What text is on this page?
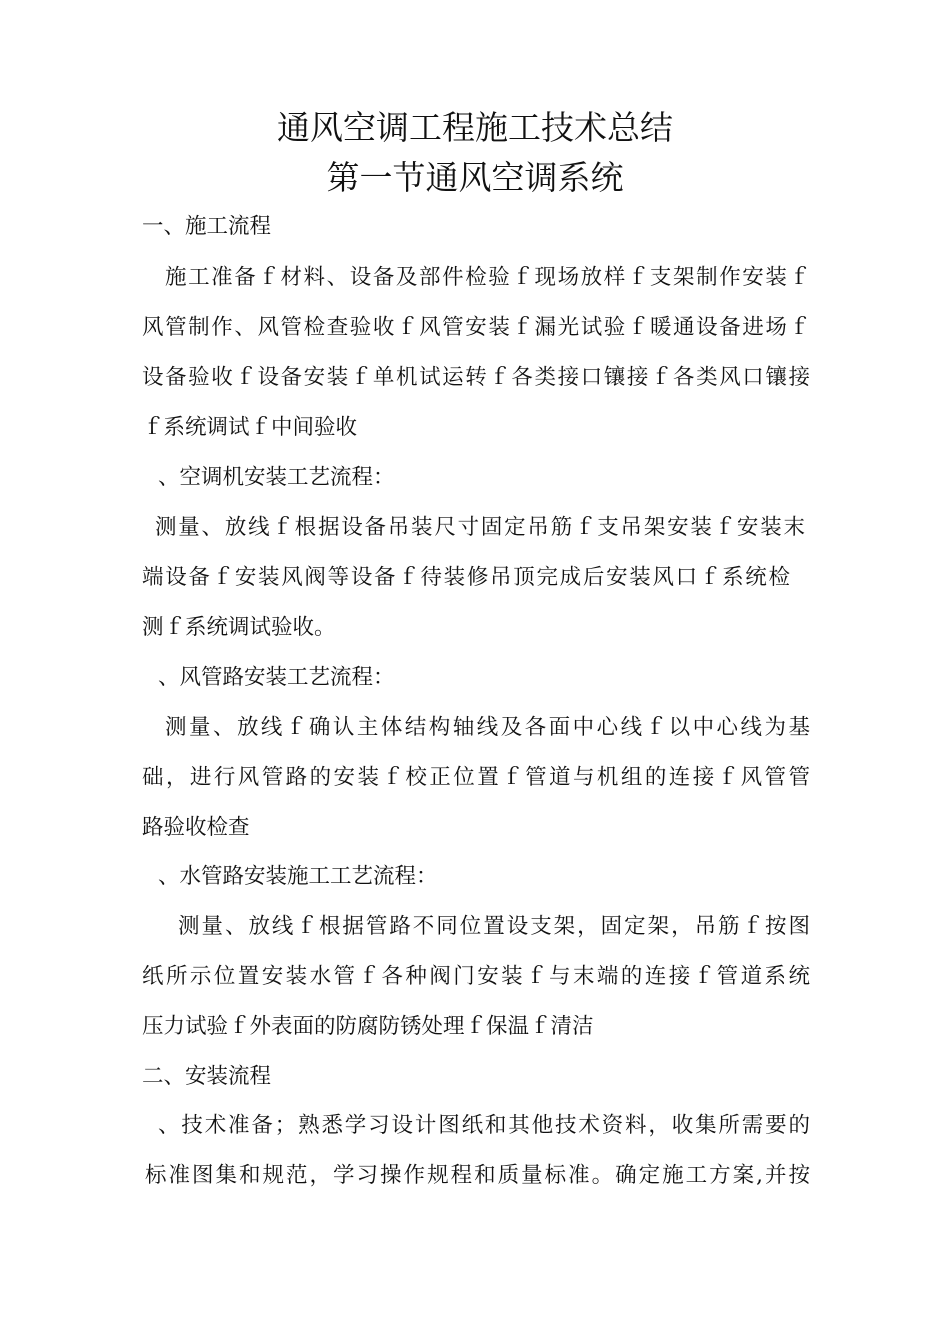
通风空调工程施工技术总结
第一节通风空调系统
一、施工流程
施工准备ｆ材料、设备及部件检验ｆ现场放样ｆ支架制作安装ｆ
风管制作、风管检查验收ｆ风管安装ｆ漏光试验ｆ暖通设备进场ｆ
设备验收ｆ设备安装ｆ单机试运转ｆ各类接口镶接ｆ各类风口镶接
ｆ系统调试ｆ中间验收
、空调机安装工艺流程：
测量、放线ｆ根据设备吊装尺寸固定吊筋ｆ支吊架安装ｆ安装末
端设备ｆ安装风阀等设备ｆ待装修吊顶完成后安装风口ｆ系统检
测ｆ系统调试验收。
、风管路安装工艺流程：
测量、放线ｆ确认主体结构轴线及各面中心线ｆ以中心线为基
础，进行风管路的安装ｆ校正位置ｆ管道与机组的连接ｆ风管管
路验收检查
、水管路安装施工工艺流程：
测量、放线ｆ根据管路不同位置设支架，固定架，吊筋ｆ按图
纸所示位置安装水管ｆ各种阀门安装ｆ与末端的连接ｆ管道系统
压力试验ｆ外表面的防腐防锈处理ｆ保温ｆ清洁
二、安装流程
、技术准备；熟悉学习设计图纸和其他技术资料，收集所需要的
标准图集和规范，学习操作规程和质量标准。确定施工方案,并按
